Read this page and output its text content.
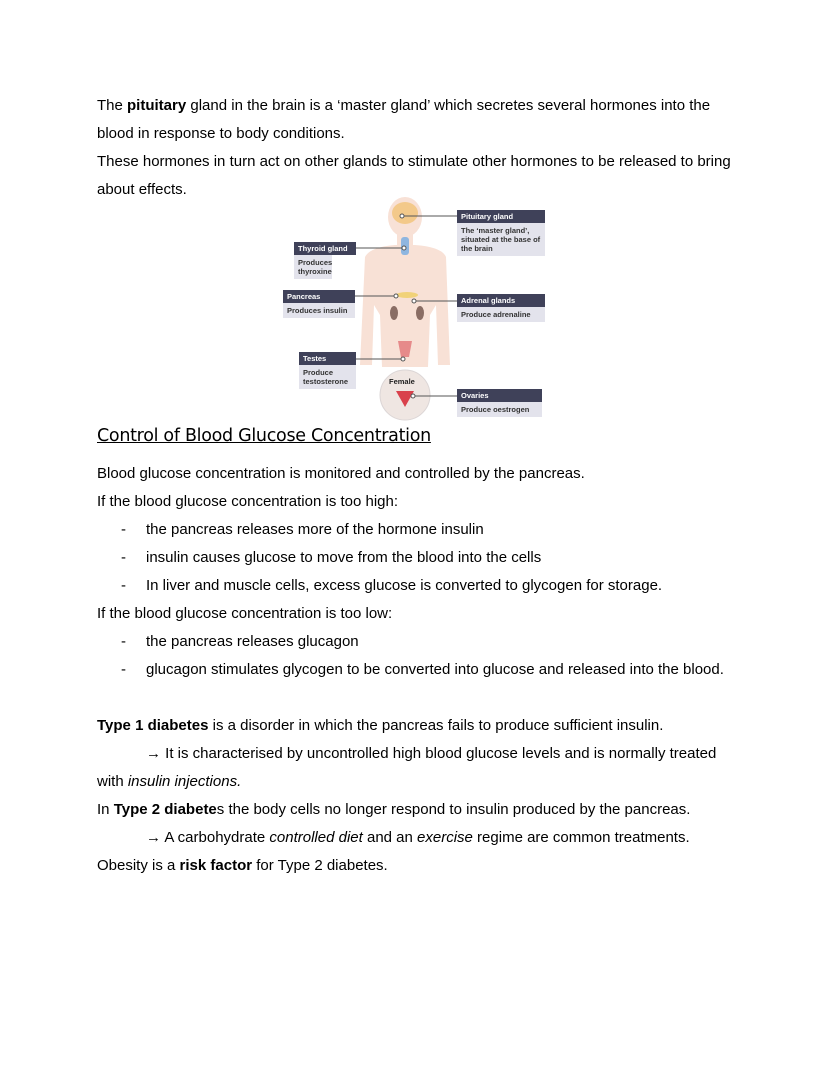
The pituitary gland in the brain is a ‘master gland’ which secretes several hormones into the
blood in response to body conditions.
These hormones in turn act on other glands to stimulate other hormones to be released to bring
about effects.
Female
Pituitary gland
The ‘master gland’, situated at the base of the brain
Thyroid gland
Produces thyroxine
Pancreas
Produces insulin
Adrenal glands
Produce adrenaline
Testes
Produce testosterone
Ovaries
Produce oestrogen
Control of Blood Glucose Concentration
Blood glucose concentration is monitored and controlled by the pancreas.
If the blood glucose concentration is too high:
- the pancreas releases more of the hormone insulin
- insulin causes glucose to move from the blood into the cells
- In liver and muscle cells, excess glucose is converted to glycogen for storage.
If the blood glucose concentration is too low:
- the pancreas releases glucagon
- glucagon stimulates glycogen to be converted into glucose and released into the blood.
Type 1 diabetes is a disorder in which the pancreas fails to produce sufficient insulin.
→ It is characterised by uncontrolled high blood glucose levels and is normally treated
with insulin injections.
In Type 2 diabetes the body cells no longer respond to insulin produced by the pancreas.
→ A carbohydrate controlled diet and an exercise regime are common treatments.
Obesity is a risk factor for Type 2 diabetes.
